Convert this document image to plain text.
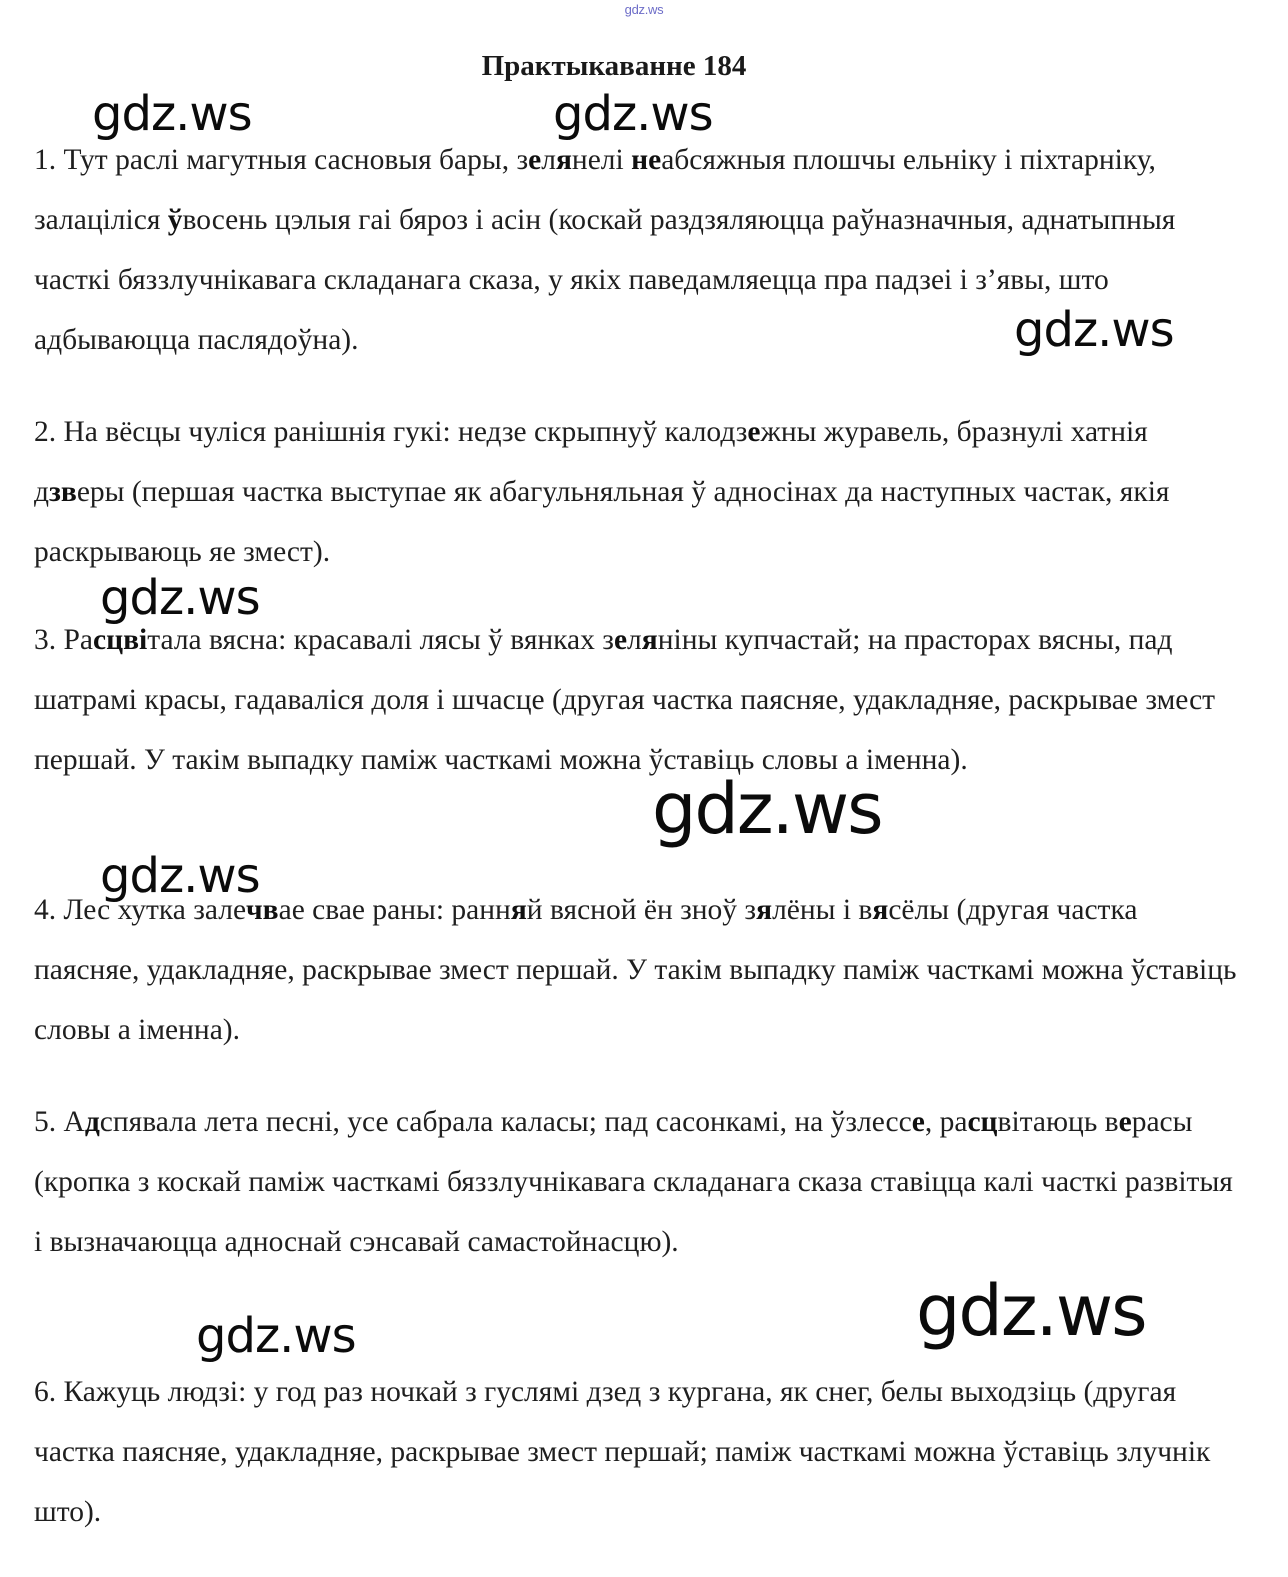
gdz.ws
Практыкаванне 184

1. Тут раслі магутныя сасновыя бары, зелянелі неабсяжныя плошчы ельніку і піхтарніку, залаціліся ўвосень цэлыя гаі бяроз і асін (коскай раздзяляюцца раўназначныя, аднатыпныя часткі бяззлучнікавага складанага сказа, у якіх паведамляецца пра падзеі і з’явы, што адбываюцца паслядоўна).

2. На вёсцы чуліся ранішнія гукі: недзе скрыпнуў калодзежны журавель, бразнулі хатнія дзверы (першая частка выступае як абагульняльная ў адносінах да наступных частак, якія раскрываюць яе змест).

3. Расцвітала вясна: красавалі лясы ў вянках зеляніны купчастай; на прасторах вясны, пад шатрамі красы, гадаваліся доля і шчасце (другая частка паясняе, удакладняе, раскрывае змест першай. У такім выпадку паміж часткамі можна ўставіць словы а іменна).

4. Лес хутка залечвае свае раны: ранняй вясной ён зноў зялёны і вясёлы (другая частка паясняе, удакладняе, раскрывае змест першай. У такім выпадку паміж часткамі можна ўставіць словы а іменна).

5. Адспявала лета песні, усе сабрала каласы; пад сасонкамі, на ўзлессе, расцвітаюць верасы (кропка з коскай паміж часткамі бяззлучнікавага складанага сказа ставіцца калі часткі развітыя і вызначаюцца адноснай сэнсавай самастойнасцю).

6. Кажуць людзі: у год раз ночкай з гуслямі дзед з кургана, як снег, белы выходзіць (другая частка паясняе, удакладняе, раскрывае змест першай; паміж часткамі можна ўставіць злучнік што).

gdz.ws	gdz.ws
gdz.ws
gdz.ws
gdz.ws
gdz.ws
gdz.ws
gdz.ws
